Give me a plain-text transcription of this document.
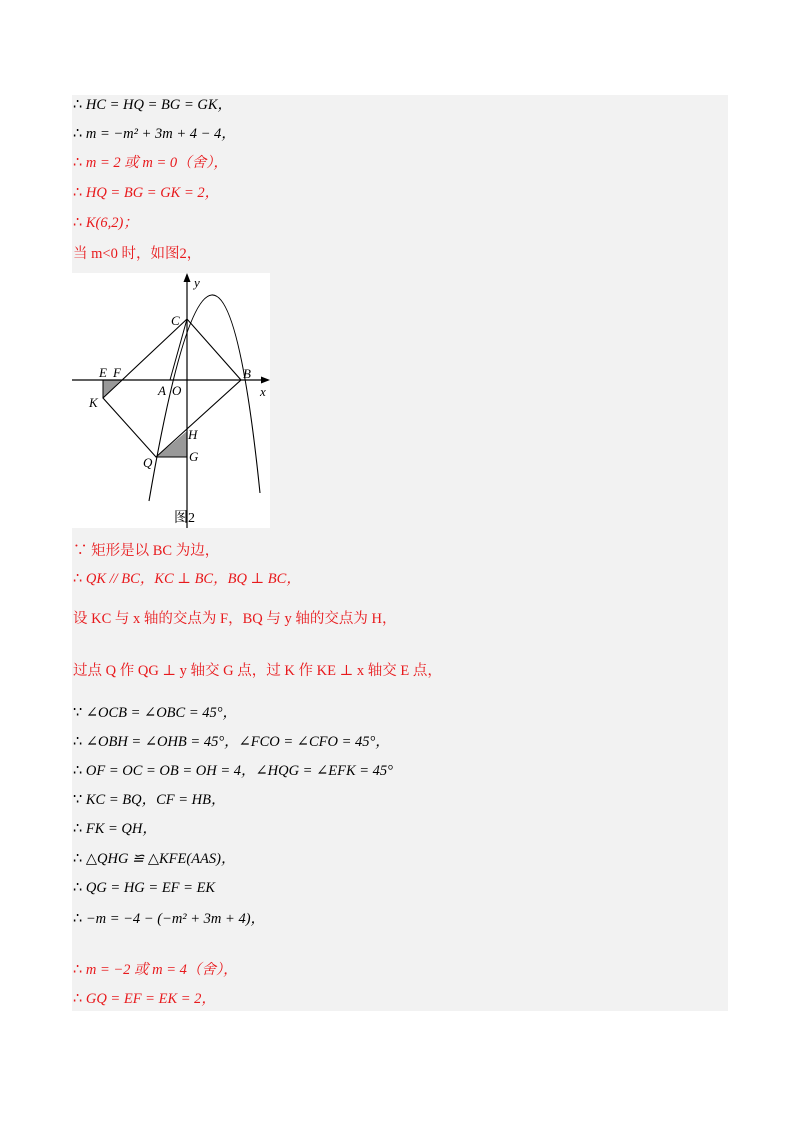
∴ HC = HQ = BG = GK，
∴ m = −m² + 3m + 4 − 4，
∴ m = 2 或 m = 0（舍），
∴ HQ = BG = GK = 2，
∴ K(6,2)；
当 m<0 时，如图2，
y
x
C
E F	B
A O
K
H
Q	G
图2
∵ 矩形是以 BC 为边，
∴ QK // BC，KC ⊥ BC，BQ ⊥ BC，
设 KC 与 x 轴的交点为 F，BQ 与 y 轴的交点为 H，
过点 Q 作 QG ⊥ y 轴交 G 点，过 K 作 KE ⊥ x 轴交 E 点，
∵ ∠OCB = ∠OBC = 45°，
∴ ∠OBH = ∠OHB = 45°，∠FCO = ∠CFO = 45°，
∴ OF = OC = OB = OH = 4，∠HQG = ∠EFK = 45°
∵ KC = BQ，CF = HB，
∴ FK = QH，
∴ △QHG ≌ △KFE(AAS)，
∴ QG = HG = EF = EK
∴ −m = −4 − (−m² + 3m + 4)，
∴ m = −2 或 m = 4（舍），
∴ GQ = EF = EK = 2，
